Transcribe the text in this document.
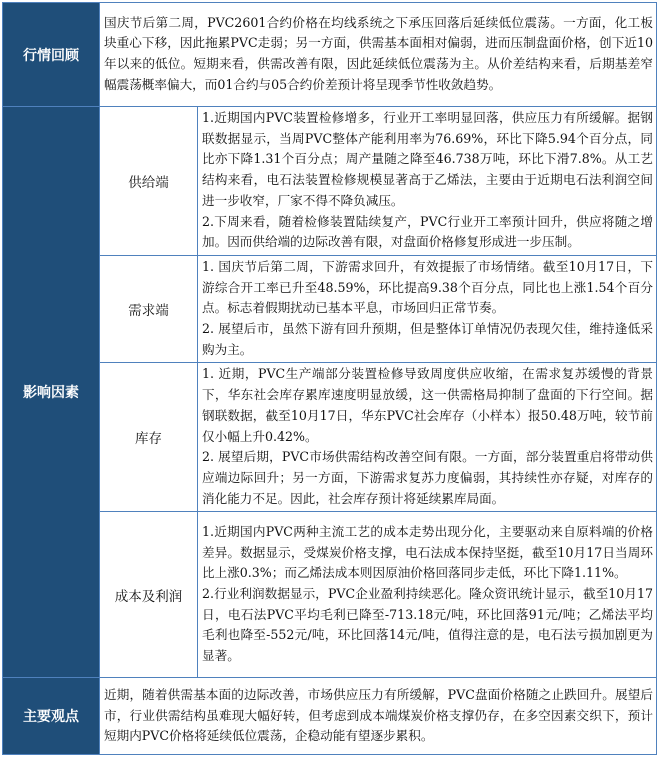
行情回顾	国庆节后第二周，PVC2601合约价格在均线系统之下承压回落后延续低位震荡。一方面，化工板块重心下移，因此拖累PVC走弱；另一方面，供需基本面相对偏弱，进而压制盘面价格，创下近10年以来的低位。短期来看，供需改善有限，因此延续低位震荡为主。从价差结构来看，后期基差窄幅震荡概率偏大，而01合约与05合约价差预计将呈现季节性收敛趋势。	

影响因素	供给端	1.近期国内PVC装置检修增多，行业开工率明显回落，供应压力有所缓解。据钢联数据显示，当周PVC整体产能利用率为76.69%，环比下降5.94个百分点，同比亦下降1.31个百分点；周产量随之降至46.738万吨，环比下滑7.8%。从工艺结构来看，电石法装置检修规模显著高于乙烯法，主要由于近期电石法利润空间进一步收窄，厂家不得不降负减压。

2.下周来看，随着检修装置陆续复产，PVC行业开工率预计回升，供应将随之增加。因而供给端的边际改善有限，对盘面价格修复形成进一步压制。

	需求端	1. 国庆节后第二周，下游需求回升，有效提振了市场情绪。截至10月17日，下游综合开工率已升至48.59%，环比提高9.38个百分点，同比也上涨1.54个百分点。标志着假期扰动已基本平息，市场回归正常节奏。

2. 展望后市，虽然下游有回升预期，但是整体订单情况仍表现欠佳，维持逢低采购为主。

	库存	1. 近期，PVC生产端部分装置检修导致周度供应收缩，在需求复苏缓慢的背景下，华东社会库存累库速度明显放缓，这一供需格局抑制了盘面的下行空间。据钢联数据，截至10月17日，华东PVC社会库存（小样本）报50.48万吨，较节前仅小幅上升0.42%。

2. 展望后期，PVC市场供需结构改善空间有限。一方面，部分装置重启将带动供应端边际回升；另一方面，下游需求复苏力度偏弱，其持续性亦存疑，对库存的消化能力不足。因此，社会库存预计将延续累库局面。

	成本及利润	1.近期国内PVC两种主流工艺的成本走势出现分化，主要驱动来自原料端的价格差异。数据显示，受煤炭价格支撑，电石法成本保持坚挺，截至10月17日当周环比上涨0.3%；而乙烯法成本则因原油价格回落同步走低，环比下降1.11%。

2.行业利润数据显示，PVC企业盈利持续恶化。隆众资讯统计显示，截至10月17日，电石法PVC平均毛利已降至-713.18元/吨，环比回落91元/吨；乙烯法平均毛利也降至-552元/吨，环比回落14元/吨，值得注意的是，电石法亏损加剧更为显著。

主要观点	近期，随着供需基本面的边际改善，市场供应压力有所缓解，PVC盘面价格随之止跌回升。展望后市，行业供需结构虽难现大幅好转，但考虑到成本端煤炭价格支撑仍存，在多空因素交织下，预计短期内PVC价格将延续低位震荡，企稳动能有望逐步累积。	
